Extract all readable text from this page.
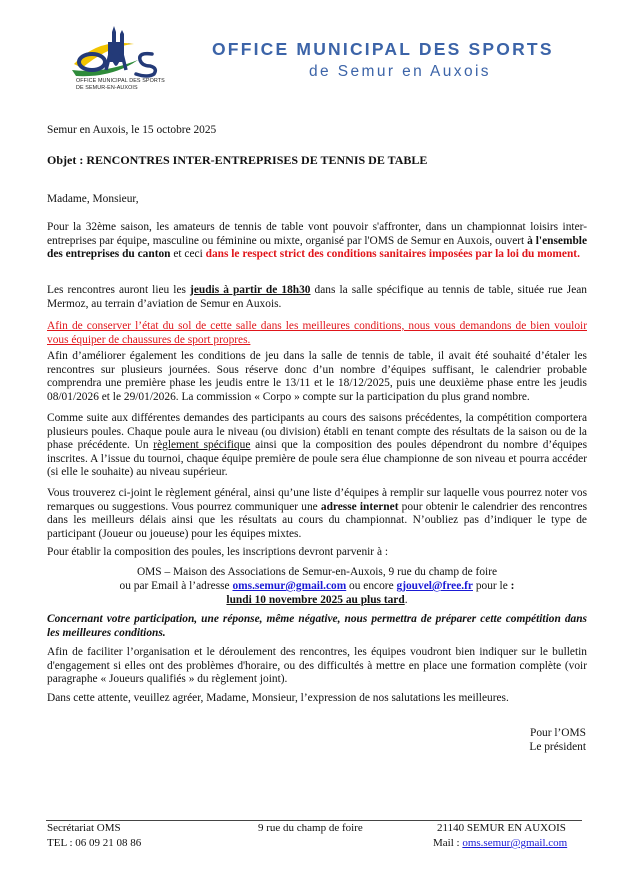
OMS
OFFICE MUNICIPAL DES SPORTS
DE SEMUR-EN-AUXOIS
OFFICE MUNICIPAL DES SPORTS
de Semur en Auxois
Semur en Auxois, le 15 octobre 2025
Objet : RENCONTRES INTER-ENTREPRISES DE TENNIS DE TABLE
Madame, Monsieur,
Pour la 32ème saison, les amateurs de tennis de table vont pouvoir s'affronter, dans un championnat loisirs inter-entreprises par équipe, masculine ou féminine ou mixte, organisé par l'OMS de Semur en Auxois, ouvert à l'ensemble des entreprises du canton et ceci dans le respect strict des conditions sanitaires imposées par la loi du moment.
Les rencontres auront lieu les jeudis à partir de 18h30 dans la salle spécifique au tennis de table, située rue Jean Mermoz, au terrain d’aviation de Semur en Auxois.
Afin de conserver l’état du sol de cette salle dans les meilleures conditions, nous vous demandons de bien vouloir vous équiper de chaussures de sport propres.
Afin d’améliorer également les conditions de jeu dans la salle de tennis de table, il avait été souhaité d’étaler les rencontres sur plusieurs journées. Sous réserve donc d’un nombre d’équipes suffisant, le calendrier probable comprendra une première phase les jeudis entre le 13/11 et le 18/12/2025, puis une deuxième phase entre les jeudis 08/01/2026 et le 29/01/2026. La commission « Corpo » compte sur la participation du plus grand nombre.
Comme suite aux différentes demandes des participants au cours des saisons précédentes, la compétition comportera plusieurs poules. Chaque poule aura le niveau (ou division) établi en tenant compte des résultats de la saison ou de la phase précédente. Un règlement spécifique ainsi que la composition des poules dépendront du nombre d’équipes inscrites. A l’issue du tournoi, chaque équipe première de poule sera élue championne de son niveau et pourra accéder (si elle le souhaite) au niveau supérieur.
Vous trouverez ci-joint le règlement général, ainsi qu’une liste d’équipes à remplir sur laquelle vous pourrez noter vos remarques ou suggestions. Vous pourrez communiquer une adresse internet pour obtenir le calendrier des rencontres dans les meilleurs délais ainsi que les résultats au cours du championnat. N’oubliez pas d’indiquer le type de participant (Joueur ou joueuse) pour les équipes mixtes.
Pour établir la composition des poules, les inscriptions devront parvenir à :
OMS – Maison des Associations de Semur-en-Auxois, 9 rue du champ de foire
ou par Email à l’adresse oms.semur@gmail.com ou encore gjouvel@free.fr pour le :
lundi 10 novembre 2025 au plus tard.
Concernant votre participation, une réponse, même négative, nous permettra de préparer cette compétition dans les meilleures conditions.
Afin de faciliter l’organisation et le déroulement des rencontres, les équipes voudront bien indiquer sur le bulletin d'engagement si elles ont des problèmes d'horaire, ou des difficultés à mettre en place une formation complète (voir paragraphe « Joueurs qualifiés » du règlement joint).
Dans cette attente, veuillez agréer, Madame, Monsieur, l’expression de nos salutations les meilleures.
Pour l’OMS
Le président
Secrétariat OMS	9 rue du champ de foire	21140 SEMUR EN AUXOIS
TEL : 06 09 21 08 86	Mail : oms.semur@gmail.com
